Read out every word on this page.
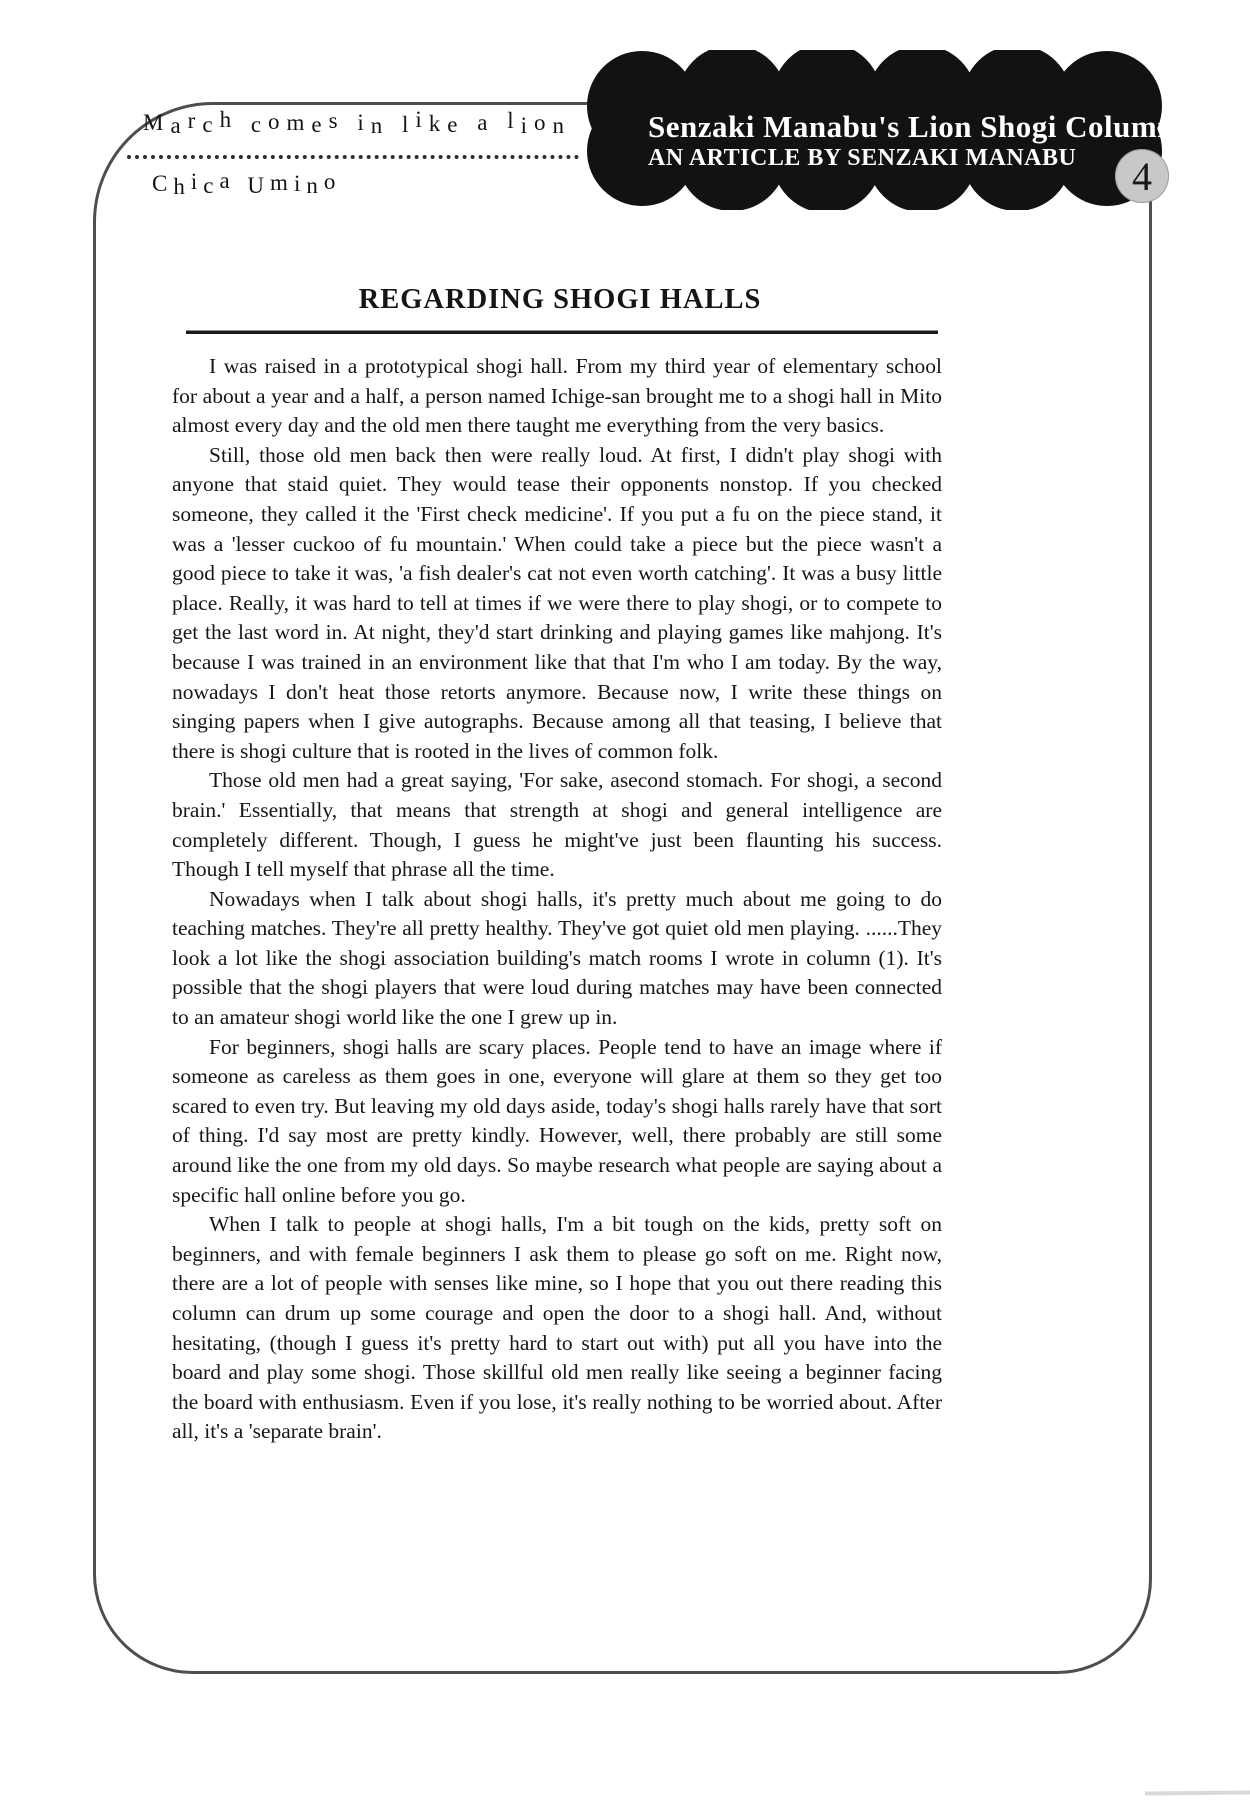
March comes in like a lion
Chica Umino
Senzaki Manabu's Lion Shogi Column
AN ARTICLE BY SENZAKI MANABU	4
REGARDING SHOGI HALLS

I was raised in a prototypical shogi hall. From my third year of elementary school for about a year and a half, a person named Ichige-san brought me to a shogi hall in Mito almost every day and the old men there taught me everything from the very basics.

Still, those old men back then were really loud. At first, I didn't play shogi with anyone that staid quiet. They would tease their opponents nonstop. If you checked someone, they called it the 'First check medicine'. If you put a fu on the piece stand, it was a 'lesser cuckoo of fu mountain.' When could take a piece but the piece wasn't a good piece to take it was, 'a fish dealer's cat not even worth catching'. It was a busy little place. Really, it was hard to tell at times if we were there to play shogi, or to compete to get the last word in. At night, they'd start drinking and playing games like mahjong. It's because I was trained in an environment like that that I'm who I am today. By the way, nowadays I don't heat those retorts anymore. Because now, I write these things on singing papers when I give autographs. Because among all that teasing, I believe that there is shogi culture that is rooted in the lives of common folk.

Those old men had a great saying, 'For sake, asecond stomach. For shogi, a second brain.' Essentially, that means that strength at shogi and general intelligence are completely different. Though, I guess he might've just been flaunting his success. Though I tell myself that phrase all the time.

Nowadays when I talk about shogi halls, it's pretty much about me going to do teaching matches. They're all pretty healthy. They've got quiet old men playing. ......They look a lot like the shogi association building's match rooms I wrote in column (1). It's possible that the shogi players that were loud during matches may have been connected to an amateur shogi world like the one I grew up in.

For beginners, shogi halls are scary places. People tend to have an image where if someone as careless as them goes in one, everyone will glare at them so they get too scared to even try. But leaving my old days aside, today's shogi halls rarely have that sort of thing. I'd say most are pretty kindly. However, well, there probably are still some around like the one from my old days. So maybe research what people are saying about a specific hall online before you go.

When I talk to people at shogi halls, I'm a bit tough on the kids, pretty soft on beginners, and with female beginners I ask them to please go soft on me. Right now, there are a lot of people with senses like mine, so I hope that you out there reading this column can drum up some courage and open the door to a shogi hall. And, without hesitating, (though I guess it's pretty hard to start out with) put all you have into the board and play some shogi. Those skillful old men really like seeing a beginner facing the board with enthusiasm. Even if you lose, it's really nothing to be worried about. After all, it's a 'separate brain'.
